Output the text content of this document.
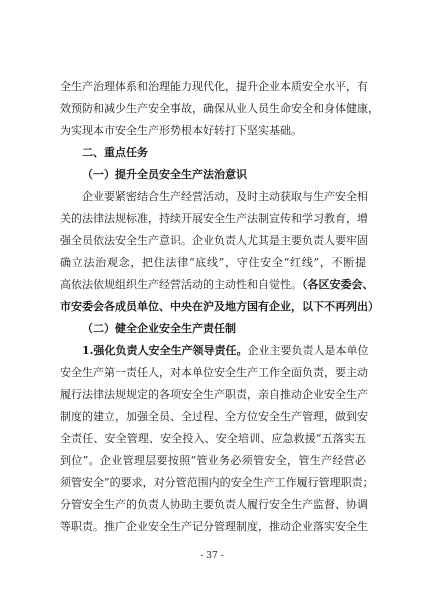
全生产治理体系和治理能力现代化，提升企业本质安全水平，有
效预防和减少生产安全事故，确保从业人员生命安全和身体健康，
为实现本市安全生产形势根本好转打下坚实基础。
二、重点任务
（一）提升全员安全生产法治意识
企业要紧密结合生产经营活动，及时主动获取与生产安全相
关的法律法规标准，持续开展安全生产法制宣传和学习教育，增
强全员依法安全生产意识。企业负责人尤其是主要负责人要牢固
确立法治观念，把住法律“底线”，守住安全“红线”，不断提
高依法依规组织生产经营活动的主动性和自觉性。（各区安委会、
市安委会各成员单位、中央在沪及地方国有企业，以下不再列出）
（二）健全企业安全生产责任制
1.强化负责人安全生产领导责任。企业主要负责人是本单位
安全生产第一责任人，对本单位安全生产工作全面负责，要主动
履行法律法规规定的各项安全生产职责，亲自推动企业安全生产
制度的建立，加强全员、全过程、全方位安全生产管理，做到安
全责任、安全管理、安全投入、安全培训、应急救援“五落实五
到位”。企业管理层要按照“管业务必须管安全，管生产经营必
须管安全”的要求，对分管范围内的安全生产工作履行管理职责；
分管安全生产的负责人协助主要负责人履行安全生产监督、协调
等职责。推广企业安全生产记分管理制度，推动企业落实安全生
- 37 -
